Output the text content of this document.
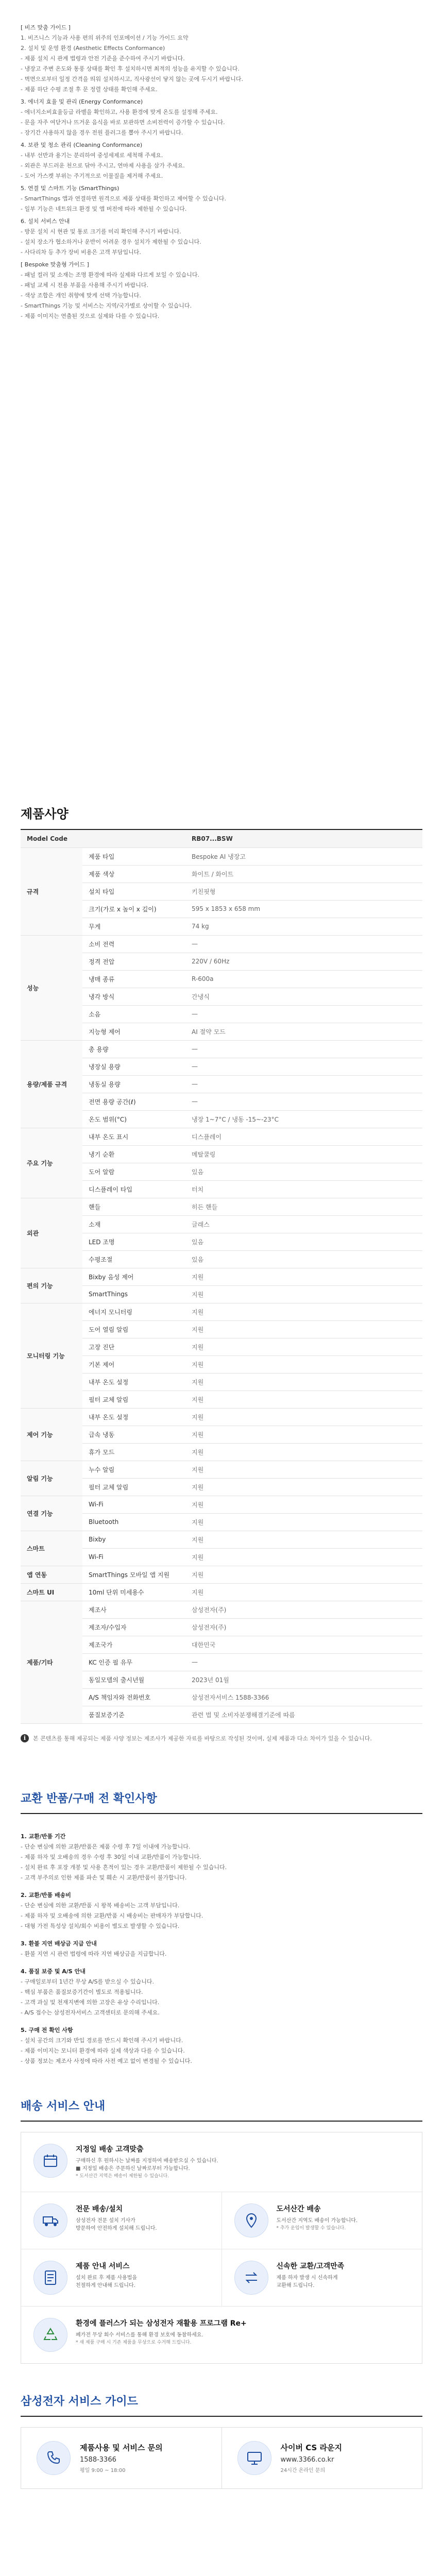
[ 비즈 맞춤 가이드 ]

1. 비즈니스 기능과 사용 편의 위주의 인포메이션 / 기능 가이드 요약

2. 설치 및 운영 환경 (Aesthetic Effects Conformance)

- 제품 설치 시 관계 법령과 안전 기준을 준수하여 주시기 바랍니다.

- 냉장고 주변 온도와 통풍 상태를 확인 후 설치하시면 최적의 성능을 유지할 수 있습니다.

- 벽면으로부터 일정 간격을 띄워 설치하시고, 직사광선이 닿지 않는 곳에 두시기 바랍니다.

- 제품 하단 수평 조절 후 문 정렬 상태를 확인해 주세요.

3. 에너지 효율 및 관리 (Energy Conformance)

- 에너지소비효율등급 라벨을 확인하고, 사용 환경에 맞게 온도를 설정해 주세요.

- 문을 자주 여닫거나 뜨거운 음식을 바로 보관하면 소비전력이 증가할 수 있습니다.

- 장기간 사용하지 않을 경우 전원 플러그를 뽑아 주시기 바랍니다.

4. 보관 및 청소 관리 (Cleaning Conformance)

- 내부 선반과 용기는 분리하여 중성세제로 세척해 주세요.

- 외관은 부드러운 천으로 닦아 주시고, 연마제 사용을 삼가 주세요.

- 도어 가스켓 부위는 주기적으로 이물질을 제거해 주세요.

5. 연결 및 스마트 기능 (SmartThings)

- SmartThings 앱과 연결하면 원격으로 제품 상태를 확인하고 제어할 수 있습니다.

- 일부 기능은 네트워크 환경 및 앱 버전에 따라 제한될 수 있습니다.

6. 설치 서비스 안내

- 방문 설치 시 현관 및 통로 크기를 미리 확인해 주시기 바랍니다.

- 설치 장소가 협소하거나 운반이 어려운 경우 설치가 제한될 수 있습니다.

- 사다리차 등 추가 장비 비용은 고객 부담입니다.

[ Bespoke 맞춤형 가이드 ]

- 패널 컬러 및 소재는 조명 환경에 따라 실제와 다르게 보일 수 있습니다.

- 패널 교체 시 전용 부품을 사용해 주시기 바랍니다.

- 색상 조합은 개인 취향에 맞게 선택 가능합니다.

- SmartThings 기능 및 서비스는 지역/국가별로 상이할 수 있습니다.

- 제품 이미지는 연출된 것으로 실제와 다를 수 있습니다.

제품사양
Model Code		RB07...BSW
규격	제품 타입	Bespoke AI 냉장고
	제품 색상	화이트 / 화이트
	설치 타입	키친핏형
	크기(가로 x 높이 x 깊이)	595 x 1853 x 658 mm
	무게	74 kg
성능	소비 전력	—
	정격 전압	220V / 60Hz
	냉매 종류	R-600a
	냉각 방식	간냉식
	소음	—
	지능형 제어	AI 절약 모드
용량/제품 규격	총 용량	—
	냉장실 용량	—
	냉동실 용량	—
	전면 용량 공간(ℓ)	—
	온도 범위(°C)	냉장 1~7°C / 냉동 -15~-23°C
주요 기능	내부 온도 표시	디스플레이
	냉기 순환	메탈쿨링
	도어 알람	있음
	디스플레이 타입	터치
외관	핸들	히든 핸들
	소재	글래스
	LED 조명	있음
	수평조절	있음
편의 기능	Bixby 음성 제어	지원
	SmartThings	지원
모니터링 기능	에너지 모니터링	지원
	도어 열림 알림	지원
	고장 진단	지원
	기본 제어	지원
	내부 온도 설정	지원
	필터 교체 알림	지원
제어 기능	내부 온도 설정	지원
	급속 냉동	지원
	휴가 모드	지원
알림 기능	누수 알림	지원
	필터 교체 알림	지원
연결 기능	Wi-Fi	지원
	Bluetooth	지원
스마트	Bixby	지원
	Wi-Fi	지원
앱 연동	SmartThings 모바일 앱 지원	지원
스마트 UI	10ml 단위 미세용수	지원
제품/기타	제조사	삼성전자(주)
	제조자/수입자	삼성전자(주)
	제조국가	대한민국
	KC 인증 필 유무	—
	동일모델의 출시년월	2023년 01월
	A/S 책임자와 전화번호	삼성전자서비스 1588-3366
	품질보증기준	관련 법 및 소비자분쟁해결기준에 따름
i	본 콘텐츠를 통해 제공되는 제품 사양 정보는 제조사가 제공한 자료를 바탕으로 작성된 것이며, 실제 제품과 다소 차이가 있을 수 있습니다.
교환 반품/구매 전 확인사항

1. 교환/반품 기간

- 단순 변심에 의한 교환/반품은 제품 수령 후 7일 이내에 가능합니다.

- 제품 하자 및 오배송의 경우 수령 후 30일 이내 교환/반품이 가능합니다.

- 설치 완료 후 포장 개봉 및 사용 흔적이 있는 경우 교환/반품이 제한될 수 있습니다.

- 고객 부주의로 인한 제품 파손 및 훼손 시 교환/반품이 불가합니다.

2. 교환/반품 배송비

- 단순 변심에 의한 교환/반품 시 왕복 배송비는 고객 부담입니다.

- 제품 하자 및 오배송에 의한 교환/반품 시 배송비는 판매자가 부담합니다.

- 대형 가전 특성상 설치/회수 비용이 별도로 발생할 수 있습니다.

3. 환불 지연 배상금 지급 안내

- 환불 지연 시 관련 법령에 따라 지연 배상금을 지급합니다.

4. 품질 보증 및 A/S 안내

- 구매일로부터 1년간 무상 A/S를 받으실 수 있습니다.

- 핵심 부품은 품질보증기간이 별도로 적용됩니다.

- 고객 과실 및 천재지변에 의한 고장은 유상 수리입니다.

- A/S 접수는 삼성전자서비스 고객센터로 문의해 주세요.

5. 구매 전 확인 사항

- 설치 공간의 크기와 반입 경로를 반드시 확인해 주시기 바랍니다.

- 제품 이미지는 모니터 환경에 따라 실제 색상과 다를 수 있습니다.

- 상품 정보는 제조사 사정에 따라 사전 예고 없이 변경될 수 있습니다.

배송 서비스 안내
지정일 배송 고객맞춤

구매하신 후 원하시는 날짜를 지정하여 배송받으실 수 있습니다.

■ 지정일 배송은 주문하신 날짜로부터 가능합니다.

* 도서산간 지역은 배송이 제한될 수 있습니다.

전문 배송/설치

삼성전자 전문 설치 기사가

방문하여 안전하게 설치해 드립니다.

도서산간 배송

도서산간 지역도 배송이 가능합니다.

* 추가 운임이 발생할 수 있습니다.

제품 안내 서비스

설치 완료 후 제품 사용법을

친절하게 안내해 드립니다.

신속한 교환/고객만족

제품 하자 발생 시 신속하게

교환해 드립니다.

환경에 플러스가 되는 삼성전자 재활용 프로그램 Re+

폐가전 무상 회수 서비스를 통해 환경 보호에 동참하세요.

* 새 제품 구매 시 기존 제품을 무상으로 수거해 드립니다.

삼성전자 서비스 가이드
제품사용 및 서비스 문의
1588-3366
평일 9:00 ~ 18:00
사이버 CS 라운지
www.3366.co.kr
24시간 온라인 문의
